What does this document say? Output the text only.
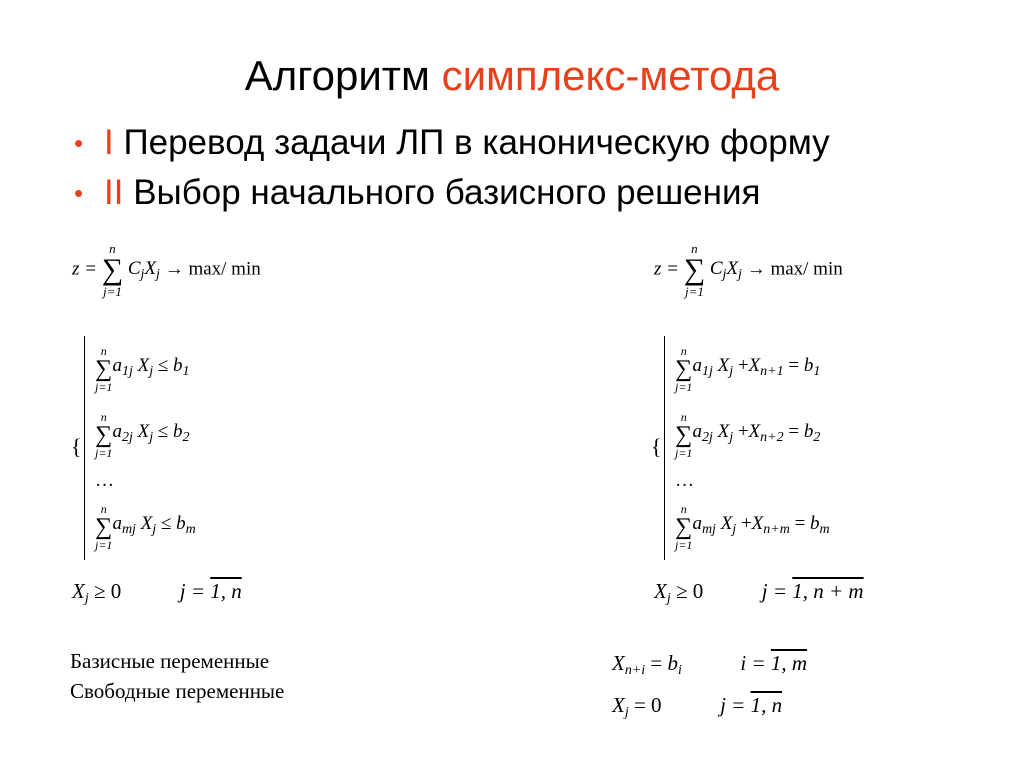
Алгоритм симплекс-метода
• I Перевод задачи ЛП в каноническую форму
• II Выбор начального базисного решения
z =
n
∑
j=1
$C_jX_j \to \max/$ min	z =
n
∑
j=1
$C_jX_j \to \max/$ min
{
n
∑
j=1
$a_{1j}$ $X_j \le b_1$
n
∑
j=1
$a_{2j}$ $X_j \le b_2$
…
n
∑
j=1
$a_{mj}$ $X_j \le b_m$
$X_j \ge 0$	j = 1, n
{
n
∑
j=1
$a_{1j}$ $X_j +X_{n+1} = b_1$
n
∑
j=1
$a_{2j}$ $X_j +X_{n+2} = b_2$
…
n
∑
j=1
$a_{mj}$ $X_j +X_{n+m} = b_m$
$X_j \ge 0$	j = 1, n + m
Базисные переменные
Свободные переменные
$X_{n+i} = b_i$	i = 1, m
$X_j = 0$	j = 1, n
